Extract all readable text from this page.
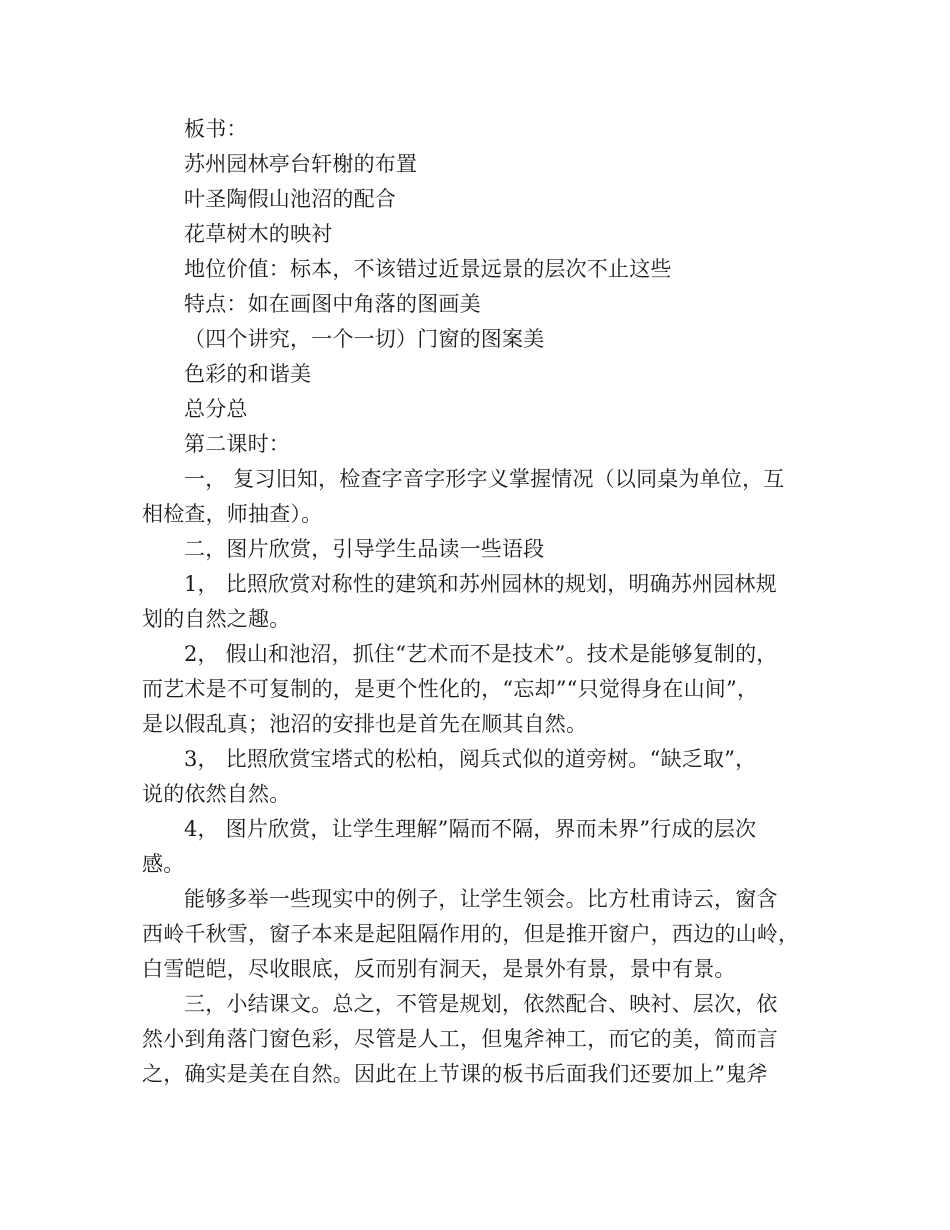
板书：
苏州园林亭台轩榭的布置
叶圣陶假山池沼的配合
花草树木的映衬
地位价值：标本，不该错过近景远景的层次不止这些
特点：如在画图中角落的图画美
（四个讲究，一个一切）门窗的图案美
色彩的和谐美
总分总
第二课时：
一， 复习旧知，检查字音字形字义掌握情况（以同桌为单位，互
相检查，师抽查）。
二，图片欣赏，引导学生品读一些语段
1， 比照欣赏对称性的建筑和苏州园林的规划，明确苏州园林规
划的自然之趣。
2， 假山和池沼，抓住“艺术而不是技术”。技术是能够复制的，
而艺术是不可复制的，是更个性化的，“忘却”“只觉得身在山间”，
是以假乱真；池沼的安排也是首先在顺其自然。
3， 比照欣赏宝塔式的松柏，阅兵式似的道旁树。“缺乏取”，
说的依然自然。
4， 图片欣赏，让学生理解”隔而不隔，界而未界”行成的层次
感。
能够多举一些现实中的例子，让学生领会。比方杜甫诗云，窗含
西岭千秋雪，窗子本来是起阻隔作用的，但是推开窗户，西边的山岭，
白雪皑皑，尽收眼底，反而别有洞天，是景外有景，景中有景。
三，小结课文。总之，不管是规划，依然配合、映衬、层次，依
然小到角落门窗色彩，尽管是人工，但鬼斧神工，而它的美，简而言
之，确实是美在自然。因此在上节课的板书后面我们还要加上”鬼斧
